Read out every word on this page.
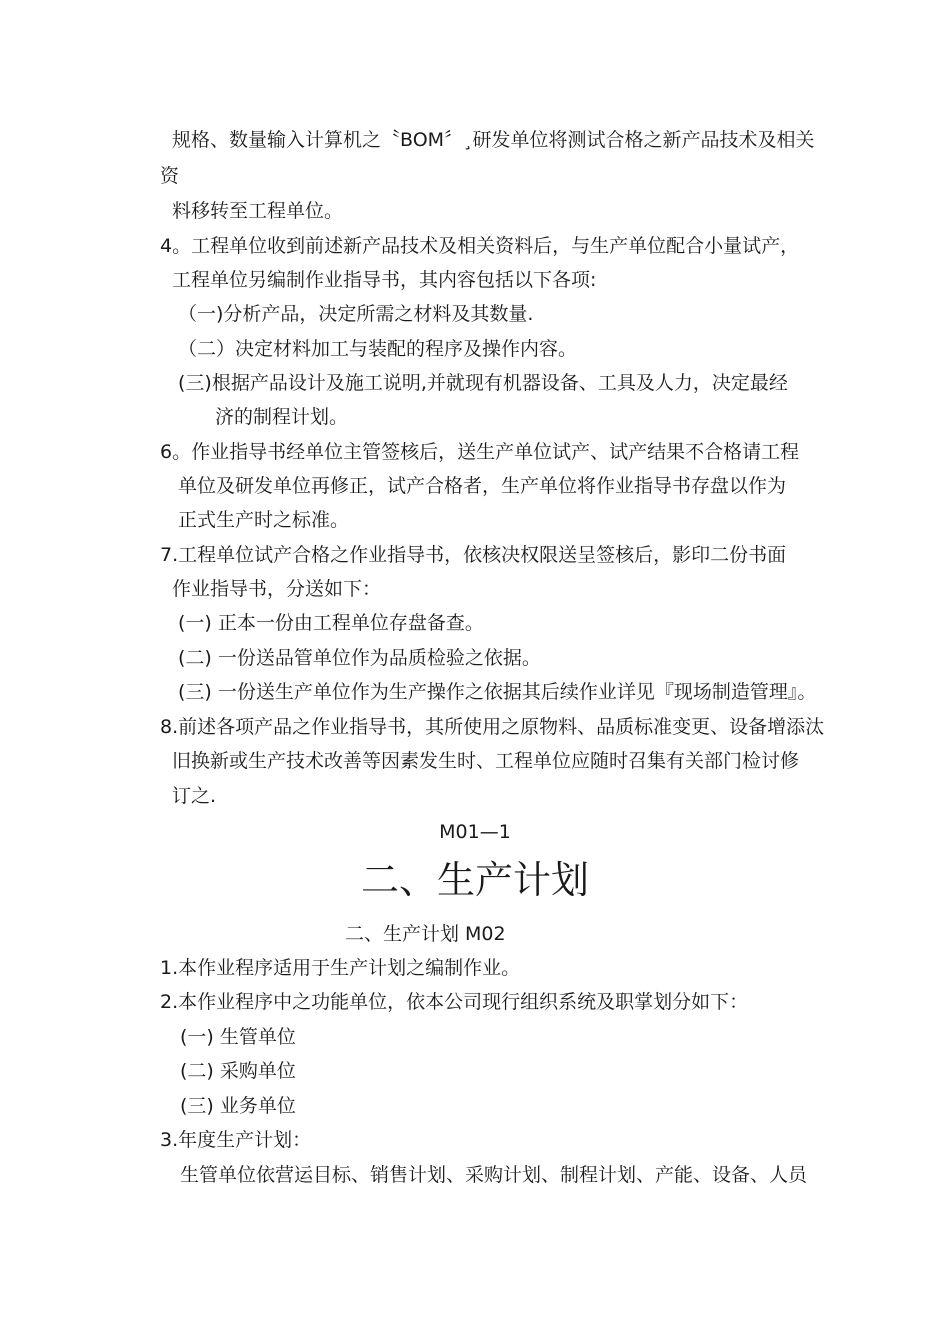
规格、数量输入计算机之〝BOM〞¸研发单位将测试合格之新产品技术及相关
资
料移转至工程单位。
4。工程单位收到前述新产品技术及相关资料后，与生产单位配合小量试产，
工程单位另编制作业指导书，其内容包括以下各项:
（一)分析产品，决定所需之材料及其数量.
（二）决定材料加工与装配的程序及操作内容。
(三)根据产品设计及施工说明,并就现有机器设备、工具及人力，决定最经
济的制程计划。
6。作业指导书经单位主管签核后，送生产单位试产、试产结果不合格请工程
单位及研发单位再修正，试产合格者，生产单位将作业指导书存盘以作为
正式生产时之标准。
7.工程单位试产合格之作业指导书，依核决权限送呈签核后，影印二份书面
作业指导书，分送如下：
(一) 正本一份由工程单位存盘备查。
(二) 一份送品管单位作为品质检验之依据。
(三) 一份送生产单位作为生产操作之依据其后续作业详见『现场制造管理』。
8.前述各项产品之作业指导书，其所使用之原物料、品质标准变更、设备增添汰
旧换新或生产技术改善等因素发生时、工程单位应随时召集有关部门检讨修
订之.
M01—1
二、生产计划
二、生产计划 M02
1.本作业程序适用于生产计划之编制作业。
2.本作业程序中之功能单位，依本公司现行组织系统及职掌划分如下：
(一) 生管单位
(二) 采购单位
(三) 业务单位
3.年度生产计划：
生管单位依营运目标、销售计划、采购计划、制程计划、产能、设备、人员
